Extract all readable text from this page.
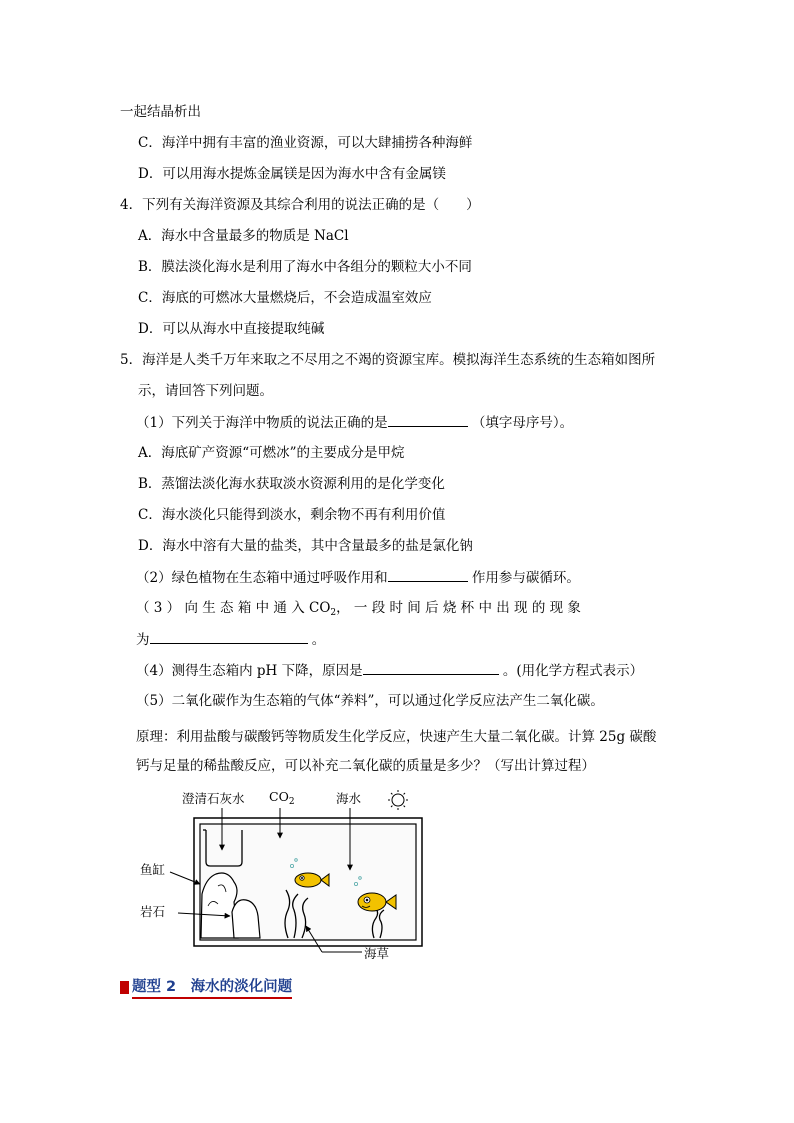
一起结晶析出
C．海洋中拥有丰富的渔业资源，可以大肆捕捞各种海鲜
D．可以用海水提炼金属镁是因为海水中含有金属镁
4．下列有关海洋资源及其综合利用的说法正确的是（　　）
A．海水中含量最多的物质是 NaCl
B．膜法淡化海水是利用了海水中各组分的颗粒大小不同
C．海底的可燃冰大量燃烧后，不会造成温室效应
D．可以从海水中直接提取纯碱
5．海洋是人类千万年来取之不尽用之不竭的资源宝库。模拟海洋生态系统的生态箱如图所
示，请回答下列问题。
（1）下列关于海洋中物质的说法正确的是	（填字母序号）。
A．海底矿产资源“可燃冰”的主要成分是甲烷
B．蒸馏法淡化海水获取淡水资源利用的是化学变化
C．海水淡化只能得到淡水，剩余物不再有利用价值
D．海水中溶有大量的盐类，其中含量最多的盐是氯化钠
（2）绿色植物在生态箱中通过呼吸作用和	作用参与碳循环。
（ 3 ） 向 生 态 箱 中 通 入 $CO_2$， 一 段 时 间 后 烧 杯 中 出 现 的 现 象
为	。
（4）测得生态箱内 pH 下降，原因是	。(用化学方程式表示）
（5）二氧化碳作为生态箱的气体“养料”，可以通过化学反应法产生二氧化碳。
原理：利用盐酸与碳酸钙等物质发生化学反应，快速产生大量二氧化碳。计算 25g 碳酸
钙与足量的稀盐酸反应，可以补充二氧化碳的质量是多少？（写出计算过程）
澄清石灰水 $CO_2$	海水
鱼缸
岩石
海草
题型 2　海水的淡化问题
